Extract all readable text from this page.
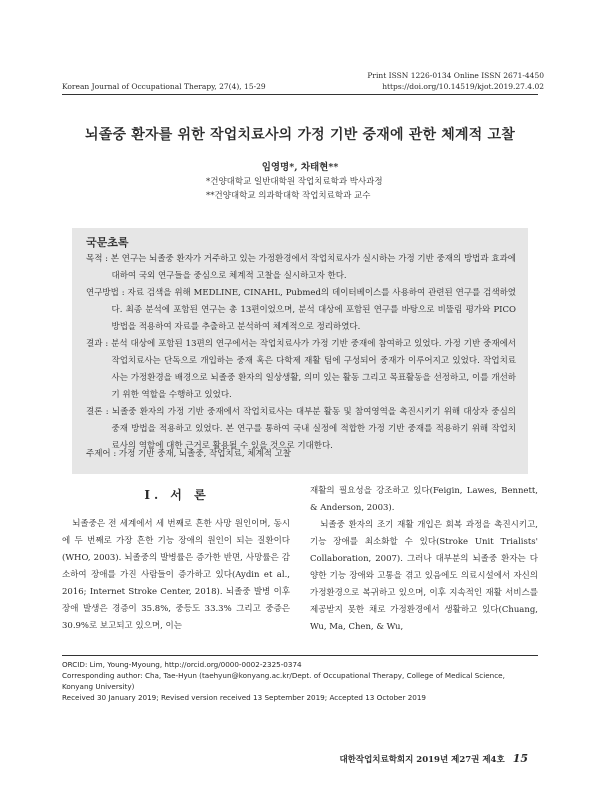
Print ISSN 1226-0134 Online ISSN 2671-4450
Korean Journal of Occupational Therapy, 27(4), 15-29	https://doi.org/10.14519/kjot.2019.27.4.02
뇌졸중 환자를 위한 작업치료사의 가정 기반 중재에 관한 체계적 고찰
임영명*, 차태현**
*건양대학교 일반대학원 작업치료학과 박사과정
**건양대학교 의과학대학 작업치료학과 교수
국문초록

목적 : 본 연구는 뇌졸중 환자가 거주하고 있는 가정환경에서 작업치료사가 실시하는 가정 기반 중재의 방법과 효과에 대하여 국외 연구들을 중심으로 체계적 고찰을 실시하고자 한다.

연구방법 : 자료 검색을 위해 MEDLINE, CINAHL, Pubmed의 데이터베이스를 사용하여 관련된 연구를 검색하였다. 최종 분석에 포함된 연구는 총 13편이었으며, 분석 대상에 포함된 연구를 바탕으로 비뚤림 평가와 PICO 방법을 적용하여 자료를 추출하고 분석하여 체계적으로 정리하였다.

결과 : 분석 대상에 포함된 13편의 연구에서는 작업치료사가 가정 기반 중재에 참여하고 있었다. 가정 기반 중재에서 작업치료사는 단독으로 개입하는 중재 혹은 다학제 재활 팀에 구성되어 중재가 이루어지고 있었다. 작업치료사는 가정환경을 배경으로 뇌졸중 환자의 일상생활, 의미 있는 활동 그리고 목표활동을 선정하고, 이를 개선하기 위한 역할을 수행하고 있었다.

결론 : 뇌졸중 환자의 가정 기반 중재에서 작업치료사는 대부분 활동 및 참여영역을 촉진시키기 위해 대상자 중심의 중재 방법을 적용하고 있었다. 본 연구를 통하여 국내 실정에 적합한 가정 기반 중재를 적용하기 위해 작업치료사의 역할에 대한 근거로 활용될 수 있을 것으로 기대한다.

주제어 : 가정 기반 중재, 뇌졸중, 작업치료, 체계적 고찰
Ⅰ. 서 론

뇌졸중은 전 세계에서 세 번째로 흔한 사망 원인이며, 동시에 두 번째로 가장 흔한 기능 장애의 원인이 되는 질환이다(WHO, 2003). 뇌졸중의 발병률은 증가한 반면, 사망률은 감소하여 장애를 가진 사람들이 증가하고 있다(Aydin et al., 2016; Internet Stroke Center, 2018). 뇌졸중 발병 이후 장애 발생은 경증이 35.8%, 중등도 33.3% 그리고 중증은 30.9%로 보고되고 있으며, 이는

재활의 필요성을 강조하고 있다(Feigin, Lawes, Bennett, & Anderson, 2003).

뇌졸중 환자의 조기 재활 개입은 회복 과정을 촉진시키고, 기능 장애를 최소화할 수 있다(Stroke Unit Trialists' Collaboration, 2007). 그러나 대부분의 뇌졸중 환자는 다양한 기능 장애와 고통을 겪고 있음에도 의료시설에서 자신의 가정환경으로 복귀하고 있으며, 이후 지속적인 재활 서비스를 제공받지 못한 채로 가정환경에서 생활하고 있다(Chuang, Wu, Ma, Chen, & Wu,

ORCID: Lim, Young-Myoung, http://orcid.org/0000-0002-2325-0374

Corresponding author: Cha, Tae-Hyun (taehyun@konyang.ac.kr/Dept. of Occupational Therapy, College of Medical Science, Konyang University)

Received 30 January 2019; Revised version received 13 September 2019; Accepted 13 October 2019

대한작업치료학회지 2019년 제27권 제4호 15
